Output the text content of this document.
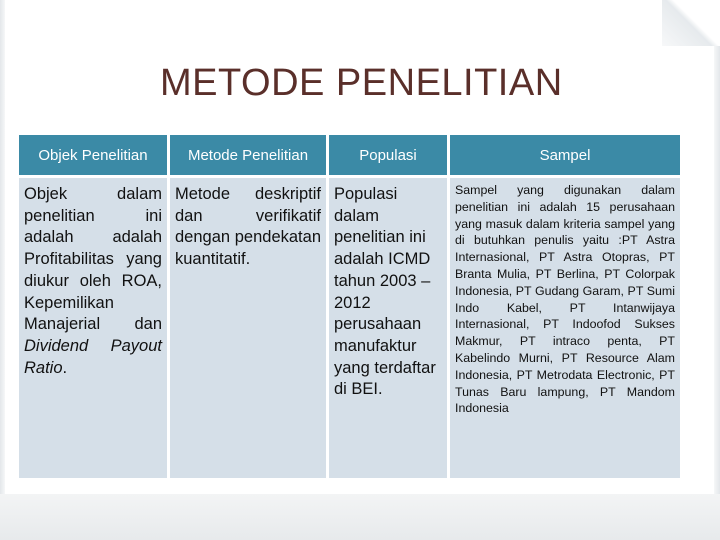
METODE PENELITIAN
Objek Penelitian	Metode Penelitian	Populasi	Sampel
Objek dalam penelitian ini adalah adalah Profitabilitas yang diukur oleh ROA, Kepemilikan Manajerial dan Dividend Payout Ratio.	Metode deskriptif dan verifikatif dengan pendekatan kuantitatif.	Populasi dalam penelitian ini adalah ICMD tahun 2003 – 2012 perusahaan manufaktur yang terdaftar di BEI.	Sampel yang digunakan dalam penelitian ini adalah 15 perusahaan yang masuk dalam kriteria sampel yang di butuhkan penulis yaitu :PT Astra Internasional, PT Astra Otopras, PT Branta Mulia, PT Berlina, PT Colorpak Indonesia, PT Gudang Garam, PT Sumi Indo Kabel, PT Intanwijaya Internasional, PT Indoofod Sukses Makmur, PT intraco penta, PT Kabelindo Murni, PT Resource Alam Indonesia, PT Metrodata Electronic, PT Tunas Baru lampung, PT Mandom Indonesia
